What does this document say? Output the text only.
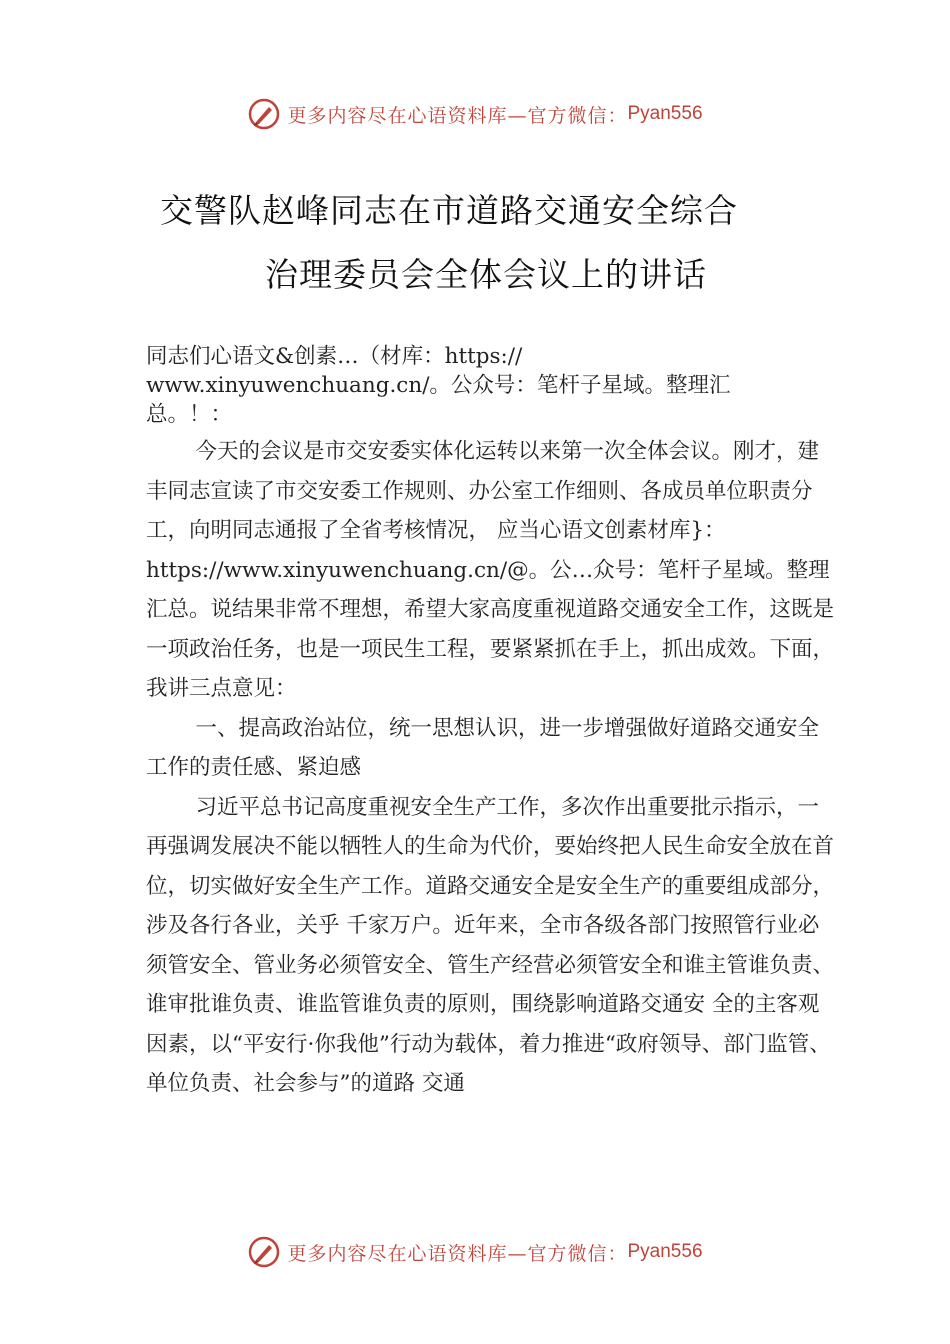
更多内容尽在心语资料库—官方微信： Pyan556
交警队赵峰同志在市道路交通安全综合
治理委员会全体会议上的讲话

同志们心语文&创素…（材库：https://
www.xinyuwenchuang.cn/。公众号：笔杆子星域。整理汇
总。！：

今天的会议是市交安委实体化运转以来第一次全体会议。刚才，建丰同志宣读了市交安委工作规则、办公室工作细则、各成员单位职责分工，向明同志通报了全省考核情况， 应当心语文创素材库}：https://www.xinyuwenchuang.cn/@。公…众号：笔杆子星域。整理汇总。说结果非常不理想，希望大家高度重视道路交通安全工作，这既是一项政治任务，也是一项民生工程，要紧紧抓在手上，抓出成效。下面，我讲三点意见：

一、提高政治站位，统一思想认识，进一步增强做好道路交通安全工作的责任感、紧迫感

习近平总书记高度重视安全生产工作，多次作出重要批示指示，一再强调发展决不能以牺牲人的生命为代价，要始终把人民生命安全放在首位，切实做好安全生产工作。道路交通安全是安全生产的重要组成部分，涉及各行各业，关乎 千家万户。近年来，全市各级各部门按照管行业必须管安全、管业务必须管安全、管生产经营必须管安全和谁主管谁负责、谁审批谁负责、谁监管谁负责的原则，围绕影响道路交通安 全的主客观因素，以“平安行·你我他”行动为载体，着力推进“政府领导、部门监管、单位负责、社会参与”的道路 交通

更多内容尽在心语资料库—官方微信： Pyan556
